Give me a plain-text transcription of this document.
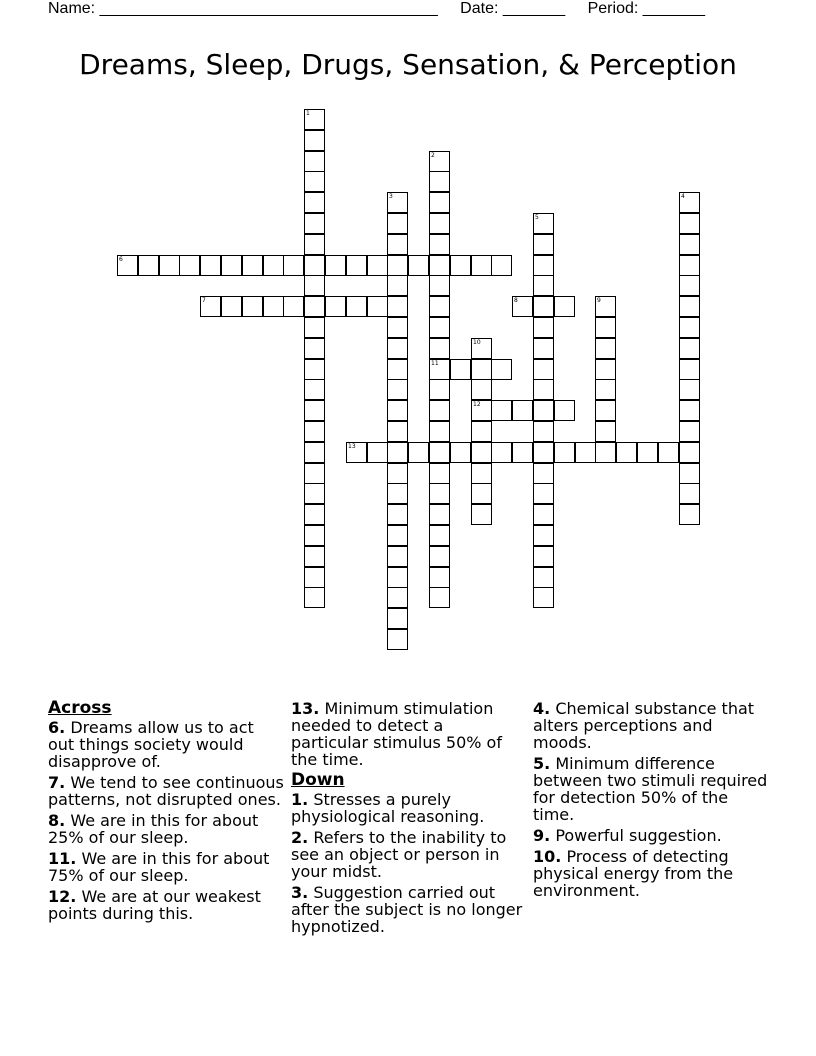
Name: ______________________________________ Date: _______ Period: _______
Dreams, Sleep, Drugs, Sensation, & Perception
1
2
3	4
5
6
7	8	9
10
11
12
13
Across
6. Dreams allow us to act out things society would disapprove of.
7. We tend to see continuous patterns, not disrupted ones.
8. We are in this for about 25% of our sleep.
11. We are in this for about 75% of our sleep.
12. We are at our weakest points during this.
13. Minimum stimulation needed to detect a particular stimulus 50% of the time.
Down
1. Stresses a purely physiological reasoning.
2. Refers to the inability to see an object or person in your midst.
3. Suggestion carried out after the subject is no longer hypnotized.
4. Chemical substance that alters perceptions and moods.
5. Minimum difference between two stimuli required for detection 50% of the time.
9. Powerful suggestion.
10. Process of detecting physical energy from the environment.
